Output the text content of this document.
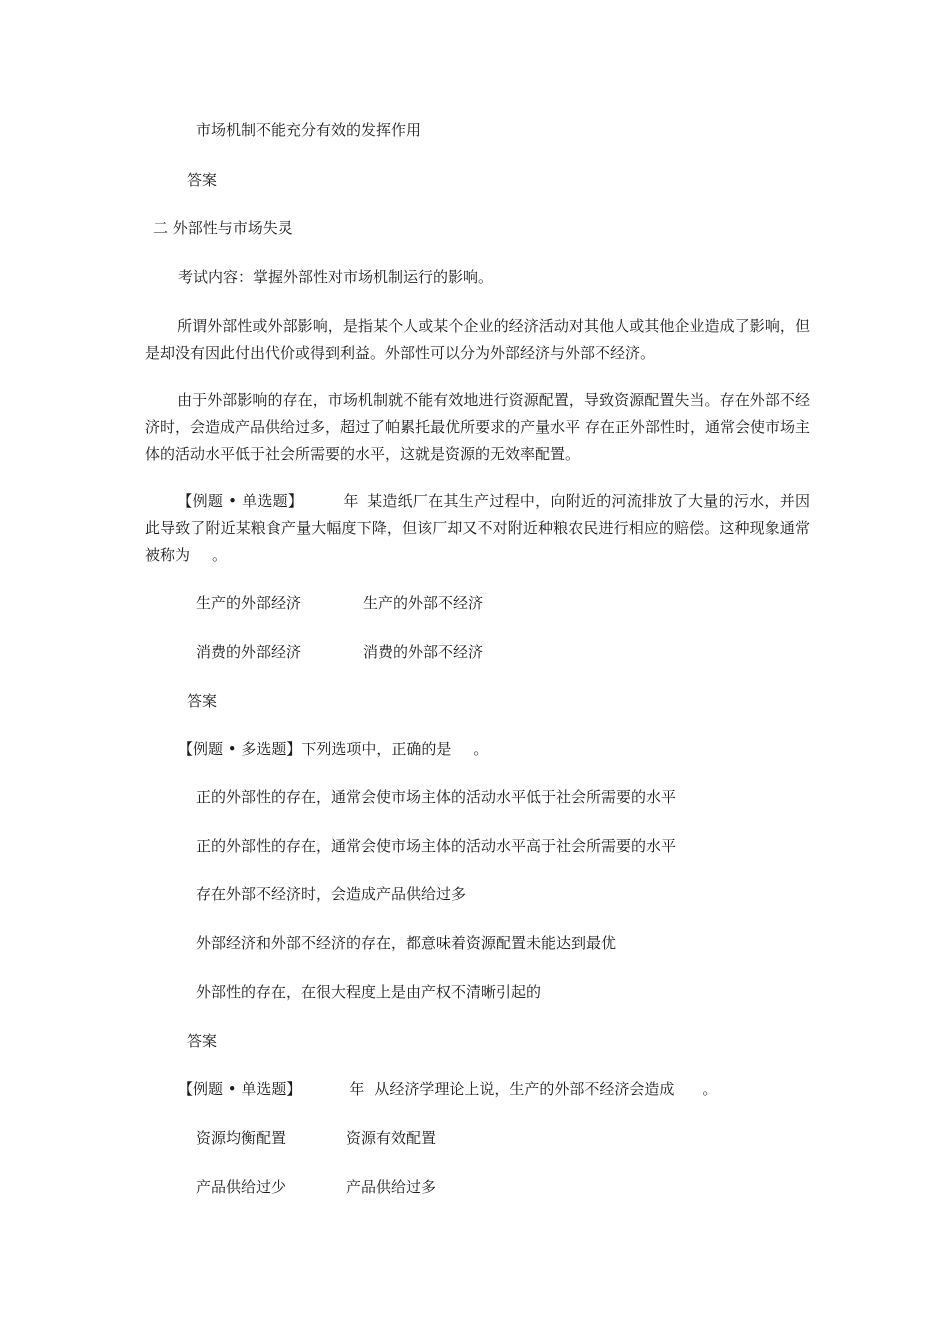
市场机制不能充分有效的发挥作用
答案
二 外部性与市场失灵
考试内容：掌握外部性对市场机制运行的影响。
所谓外部性或外部影响，是指某个人或某个企业的经济活动对其他人或其他企业造成了影响，但是却没有因此付出代价或得到利益。外部性可以分为外部经济与外部不经济。
由于外部影响的存在，市场机制就不能有效地进行资源配置，导致资源配置失当。存在外部不经济时，会造成产品供给过多，超过了帕累托最优所要求的产量水平 存在正外部性时，通常会使市场主体的活动水平低于社会所需要的水平，这就是资源的无效率配置。
【例题 • 单选题】	年 某造纸厂在其生产过程中，向附近的河流排放了大量的污水，并因此导致了附近某粮食产量大幅度下降，但该厂却又不对附近种粮农民进行相应的赔偿。这种现象通常被称为 。
生产的外部经济	生产的外部不经济
消费的外部经济	消费的外部不经济
答案
【例题 • 多选题】下列选项中，正确的是 。
正的外部性的存在，通常会使市场主体的活动水平低于社会所需要的水平
正的外部性的存在，通常会使市场主体的活动水平高于社会所需要的水平
存在外部不经济时，会造成产品供给过多
外部经济和外部不经济的存在，都意味着资源配置未能达到最优
外部性的存在，在很大程度上是由产权不清晰引起的
答案
【例题 • 单选题】	年 从经济学理论上说，生产的外部不经济会造成 。
资源均衡配置	资源有效配置
产品供给过少	产品供给过多
